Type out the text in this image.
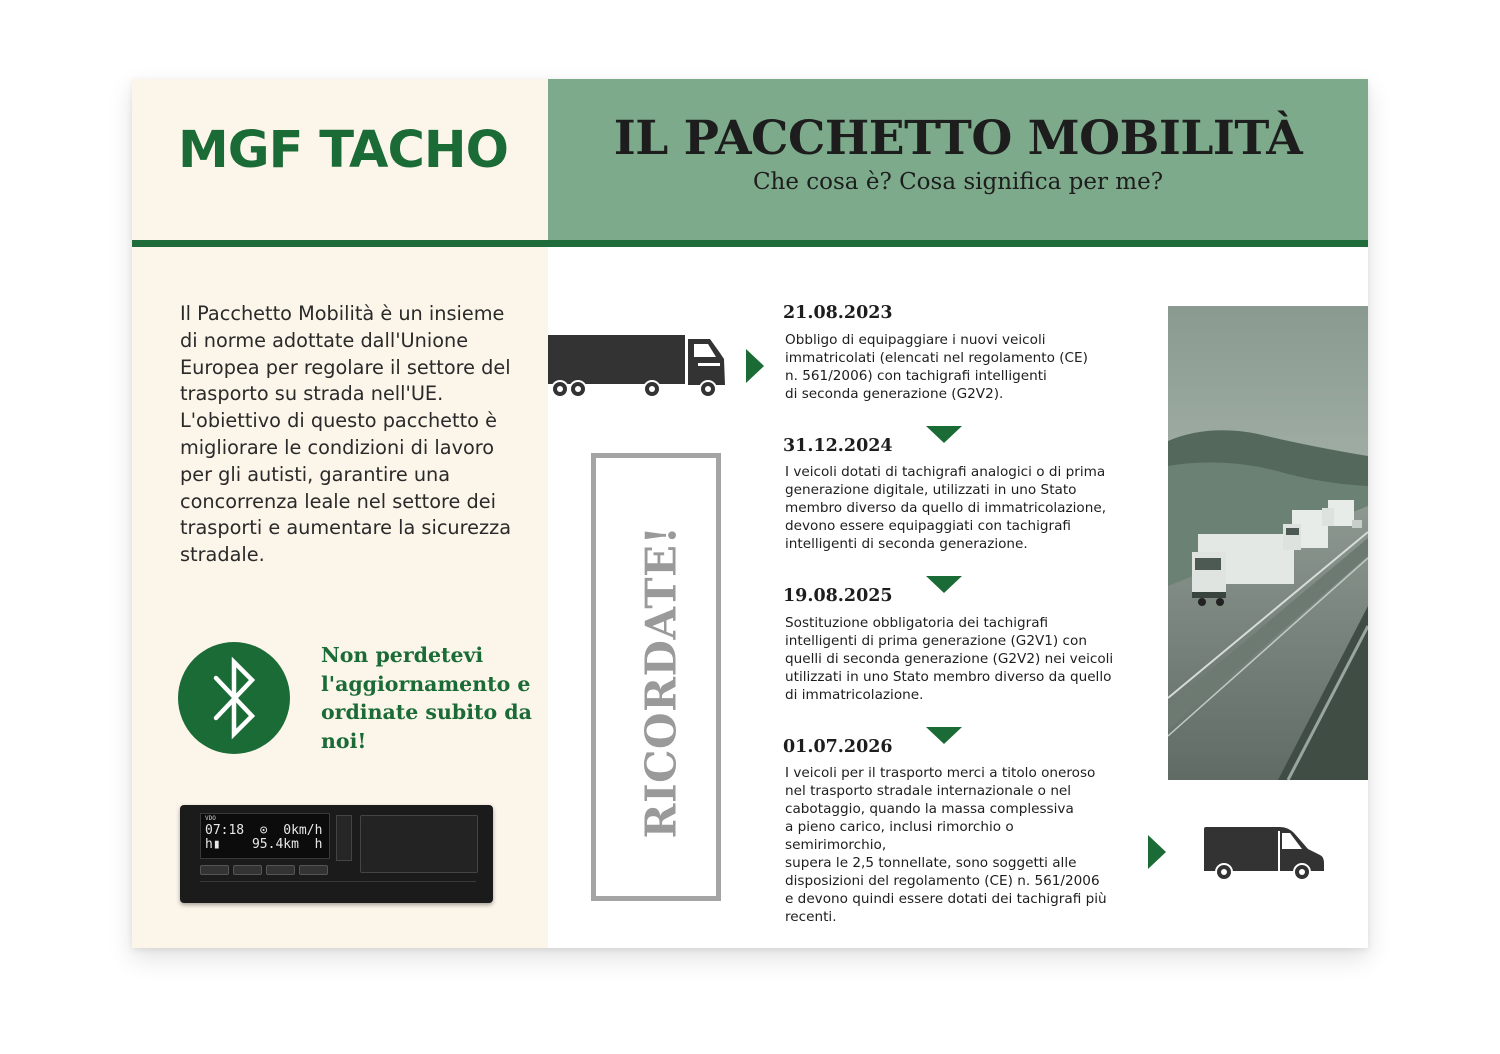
MGF TACHO	IL PACCHETTO MOBILITÀ

Che cosa è? Cosa significa per me?

Il Pacchetto Mobilità è un insieme di norme adottate dall'Unione Europea per regolare il settore del trasporto su strada nell'UE. L'obiettivo di questo pacchetto è migliorare le condizioni di lavoro per gli autisti, garantire una concorrenza leale nel settore dei trasporti e aumentare la sicurezza stradale.

Non perdetevi l'aggiornamento e ordinate subito da noi!

VDO
07:18  ⊙  0km/h
h▮    95.4km  h
RICORDATE!
21.08.2023
Obbligo di equipaggiare i nuovi veicoli
immatricolati (elencati nel regolamento (CE)
n. 561/2006) con tachigrafi intelligenti
di seconda generazione (G2V2).
31.12.2024
I veicoli dotati di tachigrafi analogici o di prima
generazione digitale, utilizzati in uno Stato
membro diverso da quello di immatricolazione,
devono essere equipaggiati con tachigrafi
intelligenti di seconda generazione.
19.08.2025
Sostituzione obbligatoria dei tachigrafi
intelligenti di prima generazione (G2V1) con
quelli di seconda generazione (G2V2) nei veicoli
utilizzati in uno Stato membro diverso da quello
di immatricolazione.
01.07.2026
I veicoli per il trasporto merci a titolo oneroso
nel trasporto stradale internazionale o nel
cabotaggio, quando la massa complessiva
a pieno carico, inclusi rimorchio o semirimorchio,
supera le 2,5 tonnellate, sono soggetti alle
disposizioni del regolamento (CE) n. 561/2006
e devono quindi essere dotati dei tachigrafi più
recenti.
